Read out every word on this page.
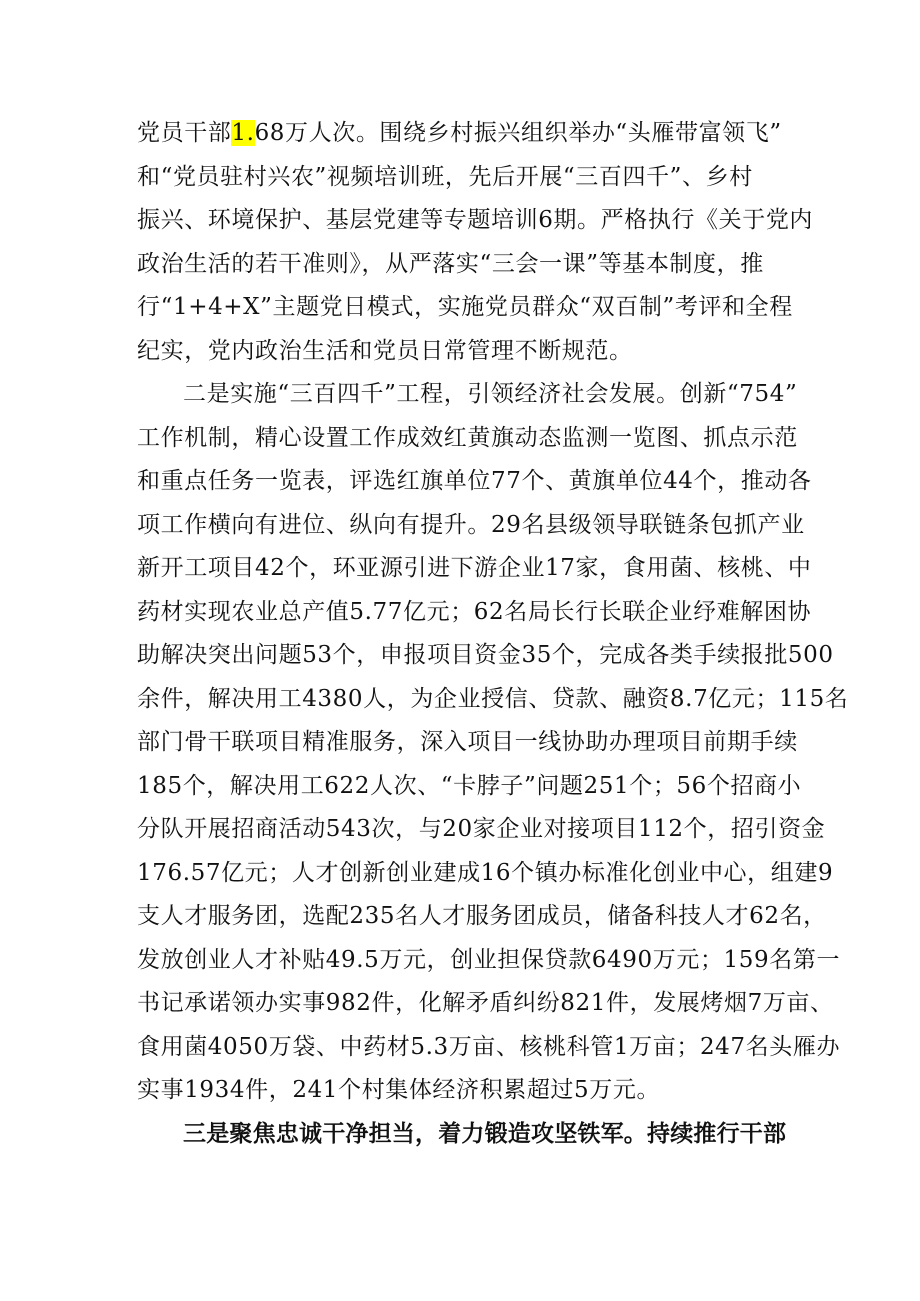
党员干部1.68万人次。围绕乡村振兴组织举办“头雁带富领飞”
和“党员驻村兴农”视频培训班，先后开展“三百四千”、乡村
振兴、环境保护、基层党建等专题培训6期。严格执行《关于党内
政治生活的若干准则》，从严落实“三会一课”等基本制度，推
行“1+4+X”主题党日模式，实施党员群众“双百制”考评和全程
纪实，党内政治生活和党员日常管理不断规范。
二是实施“三百四千”工程，引领经济社会发展。创新“754”
工作机制，精心设置工作成效红黄旗动态监测一览图、抓点示范
和重点任务一览表，评选红旗单位77个、黄旗单位44个，推动各
项工作横向有进位、纵向有提升。29名县级领导联链条包抓产业
新开工项目42个，环亚源引进下游企业17家，食用菌、核桃、中
药材实现农业总产值5.77亿元；62名局长行长联企业纾难解困协
助解决突出问题53个，申报项目资金35个，完成各类手续报批500
余件，解决用工4380人，为企业授信、贷款、融资8.7亿元；115名
部门骨干联项目精准服务，深入项目一线协助办理项目前期手续
185个，解决用工622人次、“卡脖子”问题251个；56个招商小
分队开展招商活动543次，与20家企业对接项目112个，招引资金
176.57亿元；人才创新创业建成16个镇办标准化创业中心，组建9
支人才服务团，选配235名人才服务团成员，储备科技人才62名，
发放创业人才补贴49.5万元，创业担保贷款6490万元；159名第一
书记承诺领办实事982件，化解矛盾纠纷821件，发展烤烟7万亩、
食用菌4050万袋、中药材5.3万亩、核桃科管1万亩；247名头雁办
实事1934件，241个村集体经济积累超过5万元。
三是聚焦忠诚干净担当，着力锻造攻坚铁军。持续推行干部
